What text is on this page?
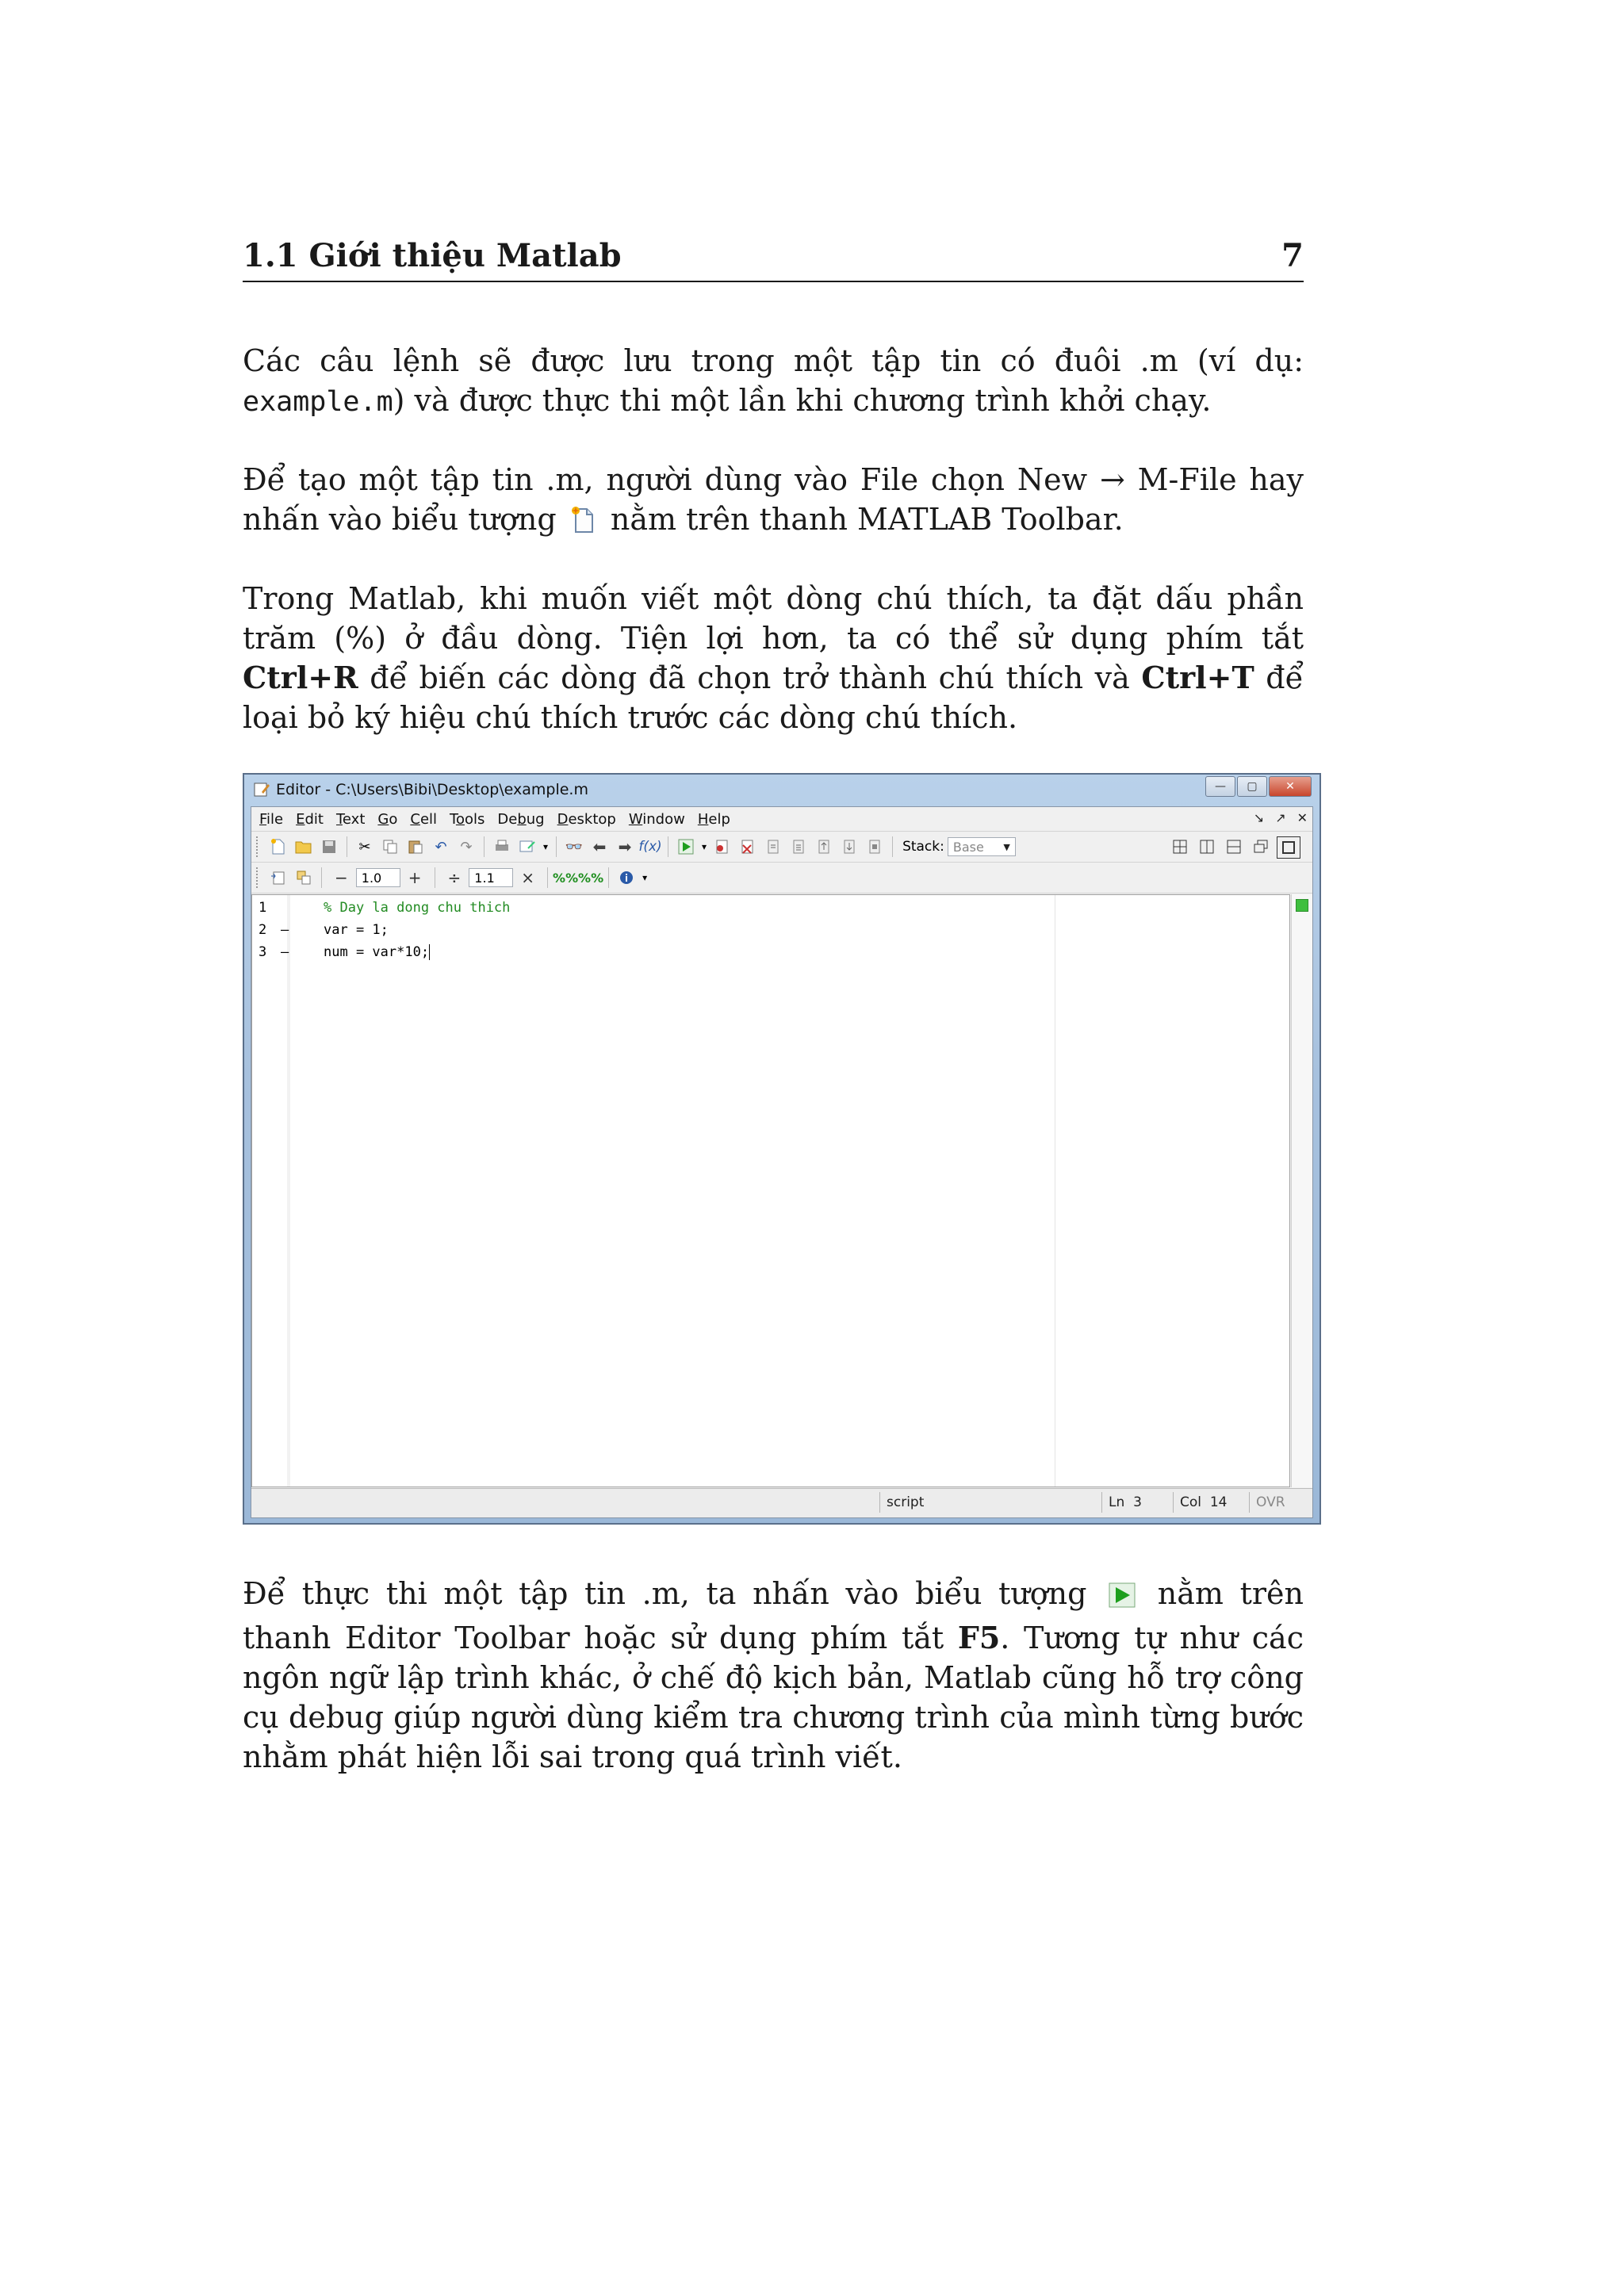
1.1 Giới thiệu Matlab	7

Các câu lệnh sẽ được lưu trong một tập tin có đuôi .m (ví dụ: example.m) và được thực thi một lần khi chương trình khởi chạy.

Để tạo một tập tin .m, người dùng vào File chọn New → M-File hay nhấn vào biểu tượng  nằm trên thanh MATLAB Toolbar.

Trong Matlab, khi muốn viết một dòng chú thích, ta đặt dấu phần trăm (%) ở đầu dòng. Tiện lợi hơn, ta có thể sử dụng phím tắt Ctrl+R để biến các dòng đã chọn trở thành chú thích và Ctrl+T để loại bỏ ký hiệu chú thích trước các dòng chú thích.

Editor - C:\Users\Bibi\Desktop\example.m	— ▢	✕
File Edit Text Go Cell Tools Debug Desktop Window Help	↘ ↗ ✕
✂	↶ ↷	▾ 👓 ⬅ ➡ f(x)	▾	Stack: Base ▼
−	1.0	+ ÷	1.1	× %% %%	▾
1	% Day la dong chu thich
2	–	var = 1;
3	–	num = var*10;
script	Ln
3	Col
14	OVR

Để thực thi một tập tin .m, ta nhấn vào biểu tượng  nằm trên thanh Editor Toolbar hoặc sử dụng phím tắt F5. Tương tự như các ngôn ngữ lập trình khác, ở chế độ kịch bản, Matlab cũng hỗ trợ công cụ debug giúp người dùng kiểm tra chương trình của mình từng bước nhằm phát hiện lỗi sai trong quá trình viết.
